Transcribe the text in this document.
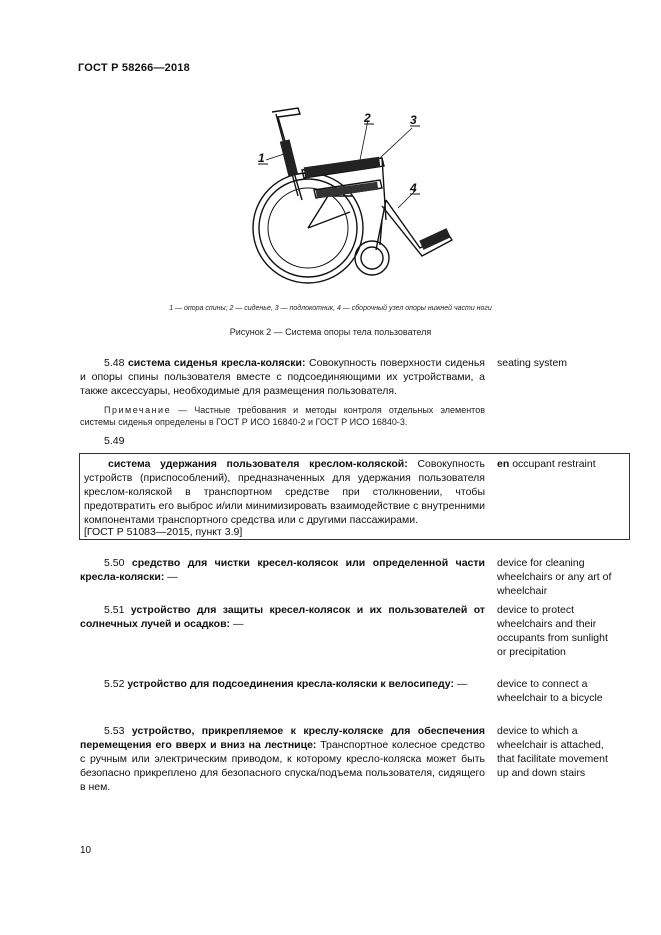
ГОСТ Р 58266—2018
1
2	3
4
1 — опора спины; 2 — сиденье, 3 — подлокотник, 4 — сборочный узел опоры нижней части ноги
Рисунок 2 — Система опоры тела пользователя
5.48 система сиденья кресла-коляски: Совокупность поверхности сиденья и опоры спины пользователя вместе с подсоединяющими их устройствами, а также аксессуары, необходимые для размещения пользователя.
seating system
Примечание — Частные требования и методы контроля отдельных элементов системы сиденья определены в ГОСТ Р ИСО 16840-2 и ГОСТ Р ИСО 16840-3.
5.49
система удержания пользователя креслом-коляской: Совокупность устройств (приспособлений), предназначенных для удержания пользователя креслом-коляской в транспортном средстве при столкновении, чтобы предотвратить его выброс и/или минимизировать взаимодействие с внутренними компонентами транспортного средства или с другими пассажирами.
[ГОСТ Р 51083—2015, пункт 3.9]
en occupant restraint
5.50 средство для чистки кресел-колясок или определенной части кресла-коляски: —
device for cleaning wheelchairs or any art of wheelchair
5.51 устройство для защиты кресел-колясок и их пользователей от солнечных лучей и осадков: —
device to protect wheelchairs and their occupants from sunlight or precipitation
5.52 устройство для подсоединения кресла-коляски к велосипеду: —	device to connect a wheelchair to a bicycle
5.53 устройство, прикрепляемое к креслу-коляске для обеспечения перемещения его вверх и вниз на лестнице: Транспортное колесное средство с ручным или электрическим приводом, к которому кресло-коляска может быть безопасно прикреплено для безопасного спуска/подъема пользователя, сидящего в нем.
device to which a wheelchair is attached, that facilitate movement up and down stairs
10
